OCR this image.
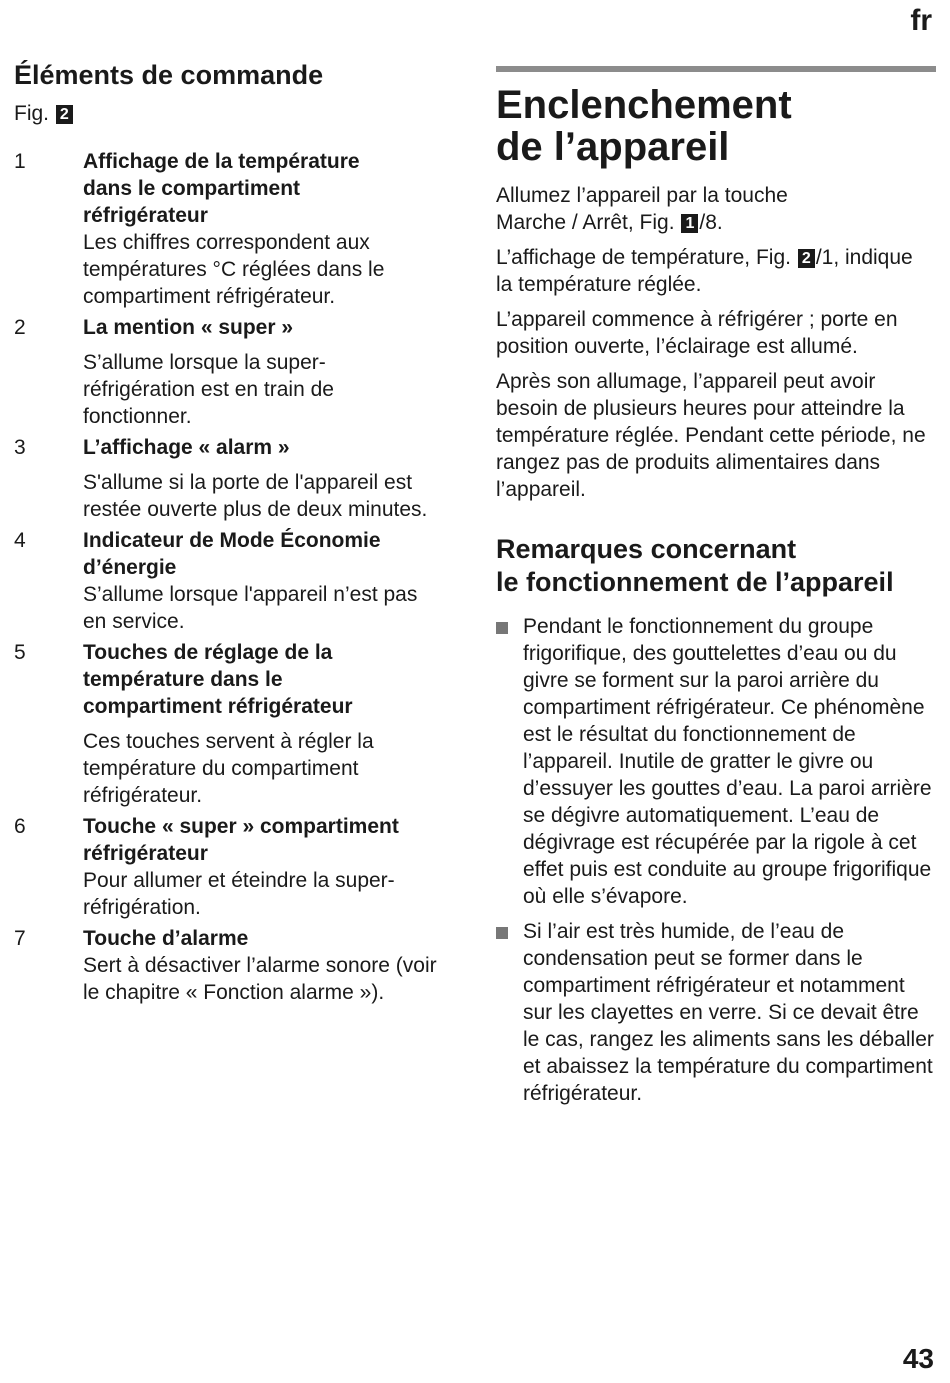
fr
Éléments de commande
Fig. 2
1	Affichage de la température dans le compartiment réfrigérateur
Les chiffres correspondent aux températures °C réglées dans le compartiment réfrigérateur.
2	La mention « super »
S’allume lorsque la super-réfrigération est en train de fonctionner.
3	L’affichage « alarm »
S'allume si la porte de l'appareil est restée ouverte plus de deux minutes.
4	Indicateur de Mode Économie d’énergie
S’allume lorsque l'appareil n’est pas en service.
5	Touches de réglage de la température dans le compartiment réfrigérateur
Ces touches servent à régler la température du compartiment réfrigérateur.
6	Touche « super » compartiment réfrigérateur
Pour allumer et éteindre la super-réfrigération.
7	Touche d’alarme
Sert à désactiver l’alarme sonore (voir le chapitre « Fonction alarme »).
Enclenchement
de l’appareil

Allumez l’appareil par la touche Marche / Arrêt, Fig. 1 /8.

L’affichage de température, Fig. 2 /1, indique la température réglée.

L’appareil commence à réfrigérer ; porte en position ouverte, l’éclairage est allumé.

Après son allumage, l’appareil peut avoir besoin de plusieurs heures pour atteindre la température réglée. Pendant cette période, ne rangez pas de produits alimentaires dans l’appareil.

Remarques concernant
le fonctionnement de l’appareil
Pendant le fonctionnement du groupe frigorifique, des gouttelettes d’eau ou du givre se forment sur la paroi arrière du compartiment réfrigérateur. Ce phénomène est le résultat du fonctionnement de l’appareil. Inutile de gratter le givre ou d’essuyer les gouttes d’eau. La paroi arrière se dégivre automatiquement. L’eau de dégivrage est récupérée par la rigole à cet effet puis est conduite au groupe frigorifique où elle s’évapore.
Si l’air est très humide, de l’eau de condensation peut se former dans le compartiment réfrigérateur et notamment sur les clayettes en verre. Si ce devait être le cas, rangez les aliments sans les déballer et abaissez la température du compartiment réfrigérateur.
43
